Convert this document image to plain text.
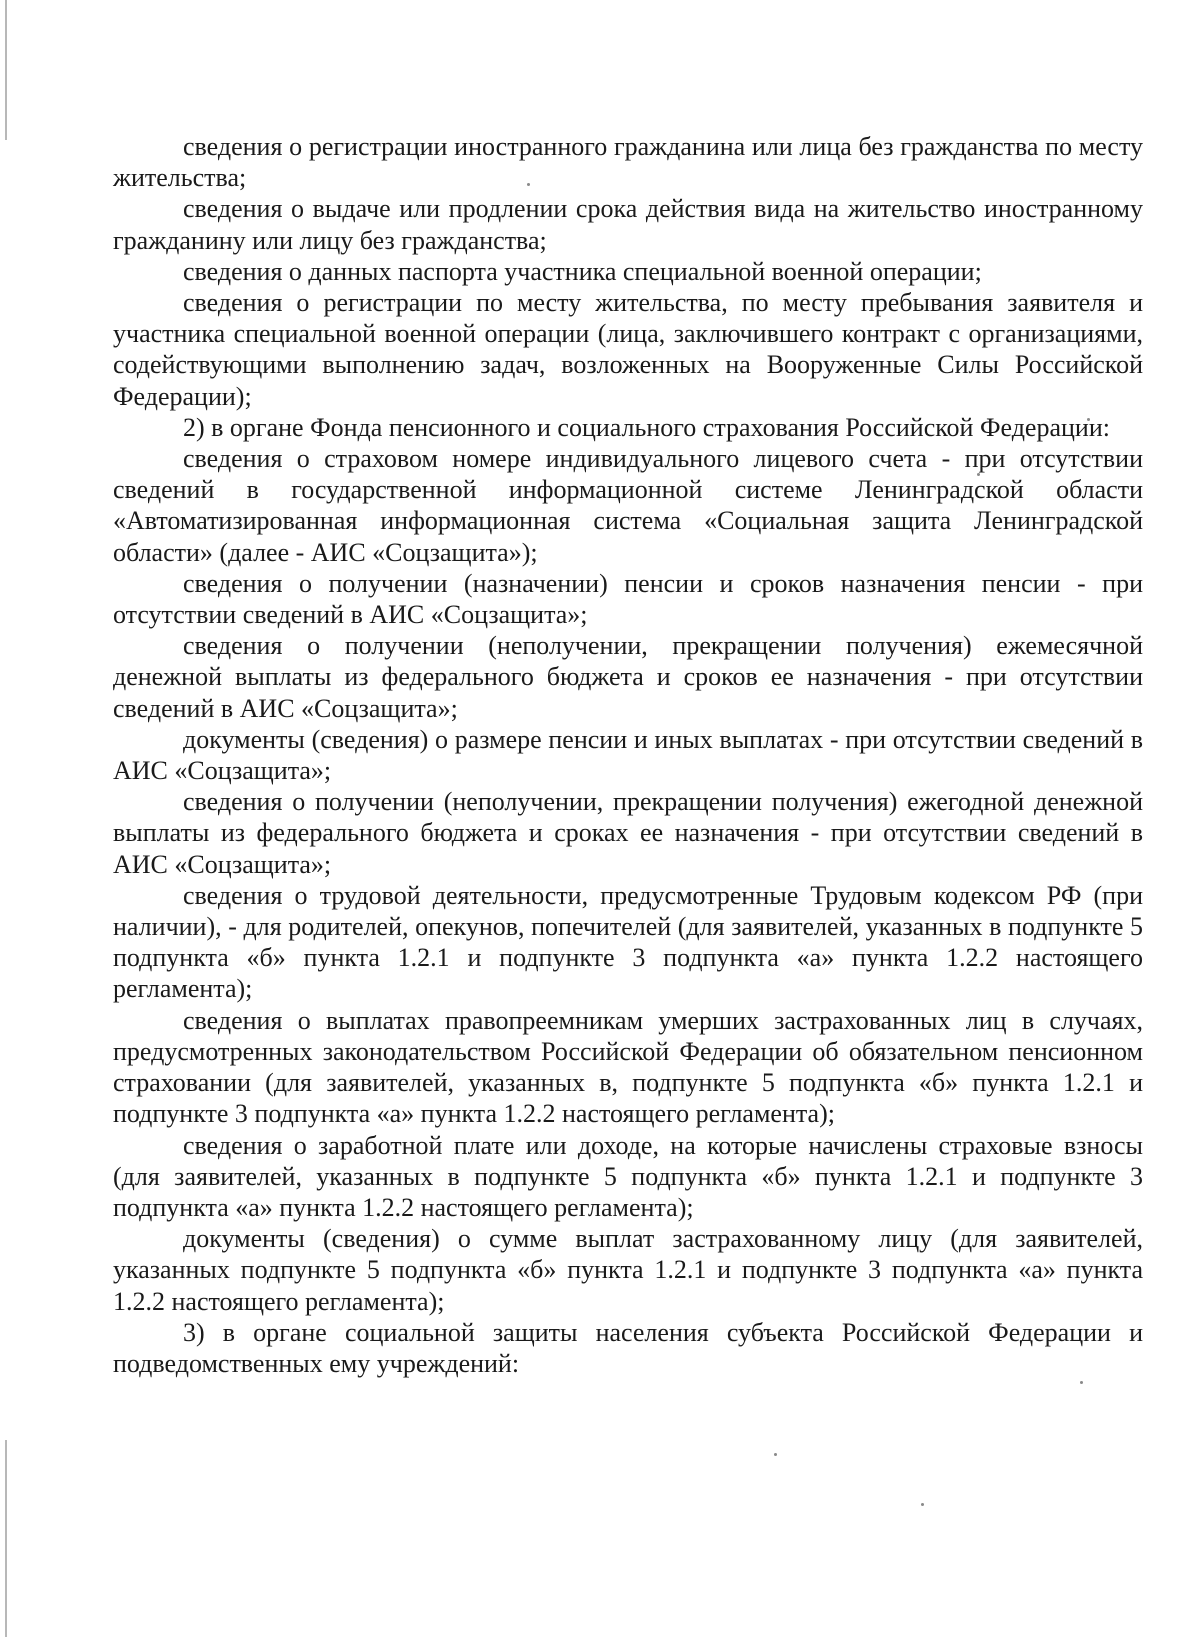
сведения о регистрации иностранного гражданина или лица без гражданства по месту жительства;

сведения о выдаче или продлении срока действия вида на жительство иностранному гражданину или лицу без гражданства;

сведения о данных паспорта участника специальной военной операции;

сведения о регистрации по месту жительства, по месту пребывания заявителя и участника специальной военной операции (лица, заключившего контракт с организациями, содействующими выполнению задач, возложенных на Вооруженные Силы Российской Федерации);

2) в органе Фонда пенсионного и социального страхования Российской Федерации:

сведения о страховом номере индивидуального лицевого счета - при отсутствии сведений в государственной информационной системе Ленинградской области «Автоматизированная информационная система «Социальная защита Ленинградской области» (далее - АИС «Соцзащита»);

сведения о получении (назначении) пенсии и сроков назначения пенсии - при отсутствии сведений в АИС «Соцзащита»;

сведения о получении (неполучении, прекращении получения) ежемесячной денежной выплаты из федерального бюджета и сроков ее назначения - при отсутствии сведений в АИС «Соцзащита»;

документы (сведения) о размере пенсии и иных выплатах - при отсутствии сведений в АИС «Соцзащита»;

сведения о получении (неполучении, прекращении получения) ежегодной денежной выплаты из федерального бюджета и сроках ее назначения - при отсутствии сведений в АИС «Соцзащита»;

сведения о трудовой деятельности, предусмотренные Трудовым кодексом РФ (при наличии), - для родителей, опекунов, попечителей (для заявителей, указанных в подпункте 5 подпункта «б» пункта 1.2.1 и подпункте 3 подпункта «а» пункта 1.2.2 настоящего регламента);

сведения о выплатах правопреемникам умерших застрахованных лиц в случаях, предусмотренных законодательством Российской Федерации об обязательном пенсионном страховании (для заявителей, указанных в, подпункте 5 подпункта «б» пункта 1.2.1 и подпункте 3 подпункта «а» пункта 1.2.2 настоящего регламента);

сведения о заработной плате или доходе, на которые начислены страховые взносы (для заявителей, указанных в подпункте 5 подпункта «б» пункта 1.2.1 и подпункте 3 подпункта «а» пункта 1.2.2 настоящего регламента);

документы (сведения) о сумме выплат застрахованному лицу (для заявителей, указанных подпункте 5 подпункта «б» пункта 1.2.1 и подпункте 3 подпункта «а» пункта 1.2.2 настоящего регламента);

3) в органе социальной защиты населения субъекта Российской Федерации и подведомственных ему учреждений:
